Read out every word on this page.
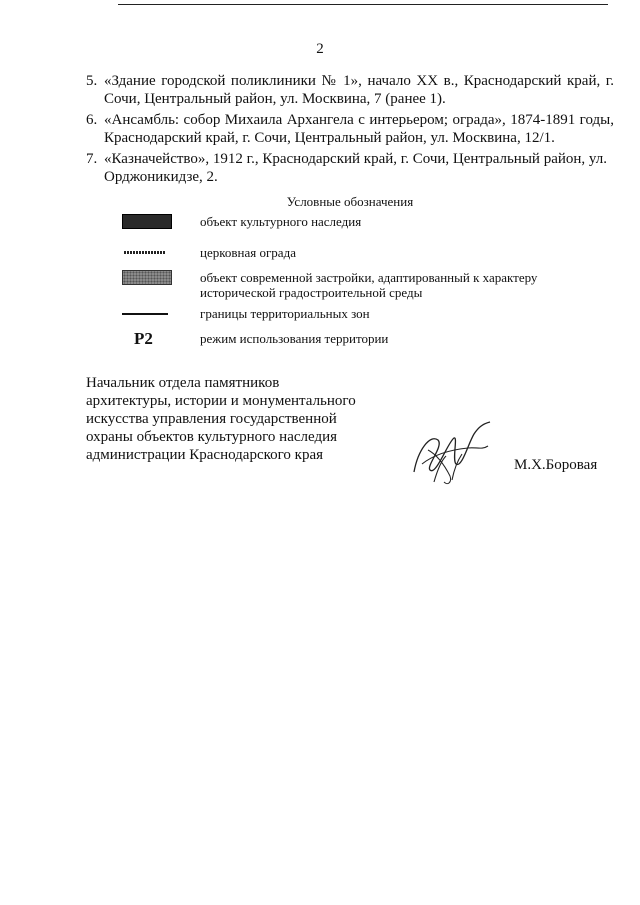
2
5. «Здание городской поликлиники № 1», начало XX в., Краснодарский край, г. Сочи, Центральный район, ул. Москвина, 7 (ранее 1).
6. «Ансамбль: собор Михаила Архангела с интерьером; ограда», 1874-1891 годы, Краснодарский край, г. Сочи, Центральный район, ул. Москвина, 12/1.
7. «Казначейство», 1912 г., Краснодарский край, г. Сочи, Центральный район, ул. Орджоникидзе, 2.
Условные обозначения
объект культурного наследия
церковная ограда
объект современной застройки, адаптированный к характеру исторической градостроительной среды
границы территориальных зон
Р2	режим использования территории
Начальник отдела памятников
архитектуры, истории и монументального
искусства управления государственной
охраны объектов культурного наследия
администрации Краснодарского края
М.Х.Боровая
